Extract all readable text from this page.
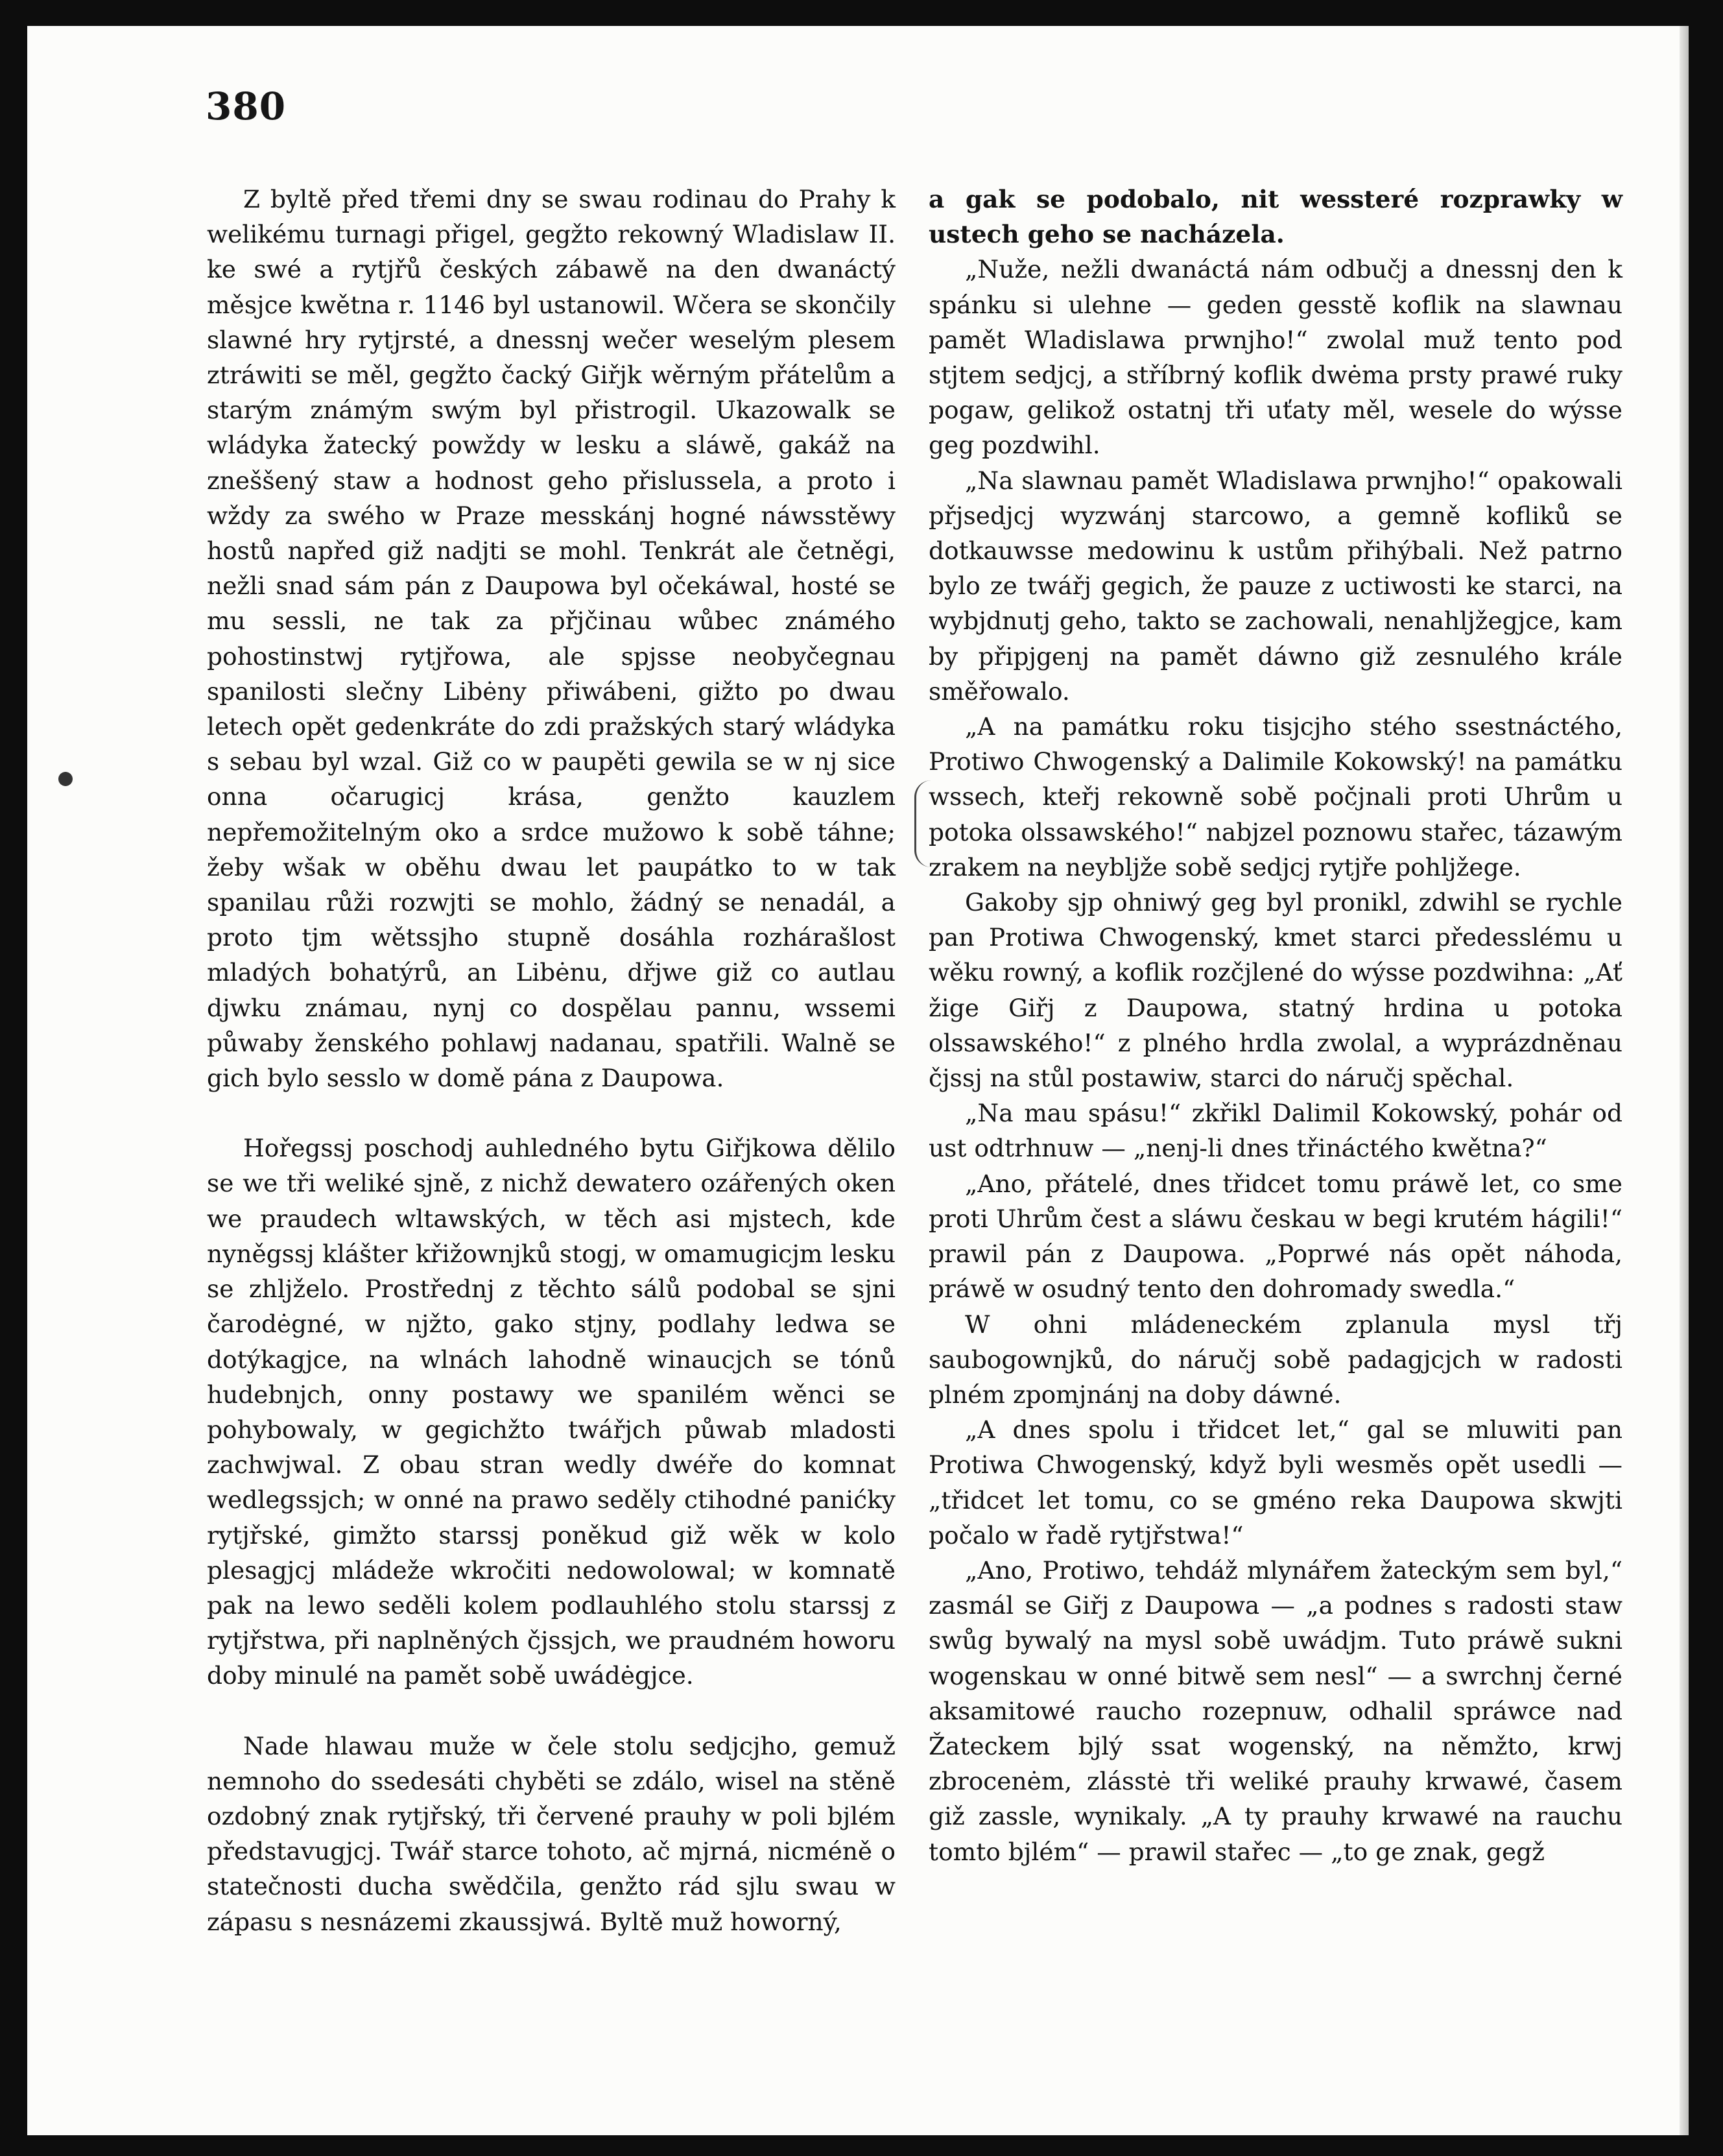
380

Z byltě před třemi dny se swau rodinau do Prahy k welikému turnagi přigel, gegžto rekowný Wladislaw II. ke swé a rytjřů českých zábawě na den dwanáctý měsjce kwětna r. 1146 byl ustanowil. Wčera se skončily slawné hry rytjrsté, a dnessnj wečer weselým plesem ztráwiti se měl, gegžto čacký Giřjk wěrným přátelům a starým známým swým byl přistrogil. Ukazowalk se wládyka žatecký powždy w lesku a sláwě, gakáž na zneššený staw a hodnost geho přislussela, a proto i wždy za swého w Praze messkánj hogné náwsstěwy hostů napřed giž nadjti se mohl. Tenkrát ale četněgi, nežli snad sám pán z Daupowa byl očekáwal, hosté se mu sessli, ne tak za přjčinau wůbec známého pohostinstwj rytjřowa, ale spjsse neobyčegnau spanilosti slečny Libėny přiwábeni, gižto po dwau letech opět gedenkráte do zdi pražských starý wládyka s sebau byl wzal. Giž co w paupěti gewila se w nj sice onna očarugicj krása, genžto kauzlem nepřemožitelným oko a srdce mužowo k sobě táhne; žeby wšak w oběhu dwau let paupátko to w tak spanilau růži rozwjti se mohlo, žádný se nenadál, a proto tjm wětssjho stupně dosáhla rozhárašlost mladých bohatýrů, an Libėnu, dřjwe giž co autlau djwku známau, nynj co dospělau pannu, wssemi půwaby ženského pohlawj nadanau, spatřili. Walně se gich bylo sesslo w domě pána z Daupowa.

Hořegssj poschodj auhledného bytu Giřjkowa dělilo se we tři weliké sjně, z nichž dewatero ozářených oken we praudech wltawských, w těch asi mjstech, kde nyněgssj klášter křižownjků stogj, w omamugicjm lesku se zhljželo. Prostřednj z těchto sálů podobal se sjni čarodėgné, w njžto, gako stjny, podlahy ledwa se dotýkagjce, na wlnách lahodně winaucjch se tónů hudebnjch, onny postawy we spanilém wěnci se pohybowaly, w gegichžto twářjch půwab mladosti zachwjwal. Z obau stran wedly dwéře do komnat wedlegssjch; w onné na prawo seděly ctihodné panićky rytjřské, gimžto starssj poněkud giž wěk w kolo plesagjcj mládeže wkročiti nedowolowal; w komnatě pak na lewo seděli kolem podlauhlého stolu starssj z rytjřstwa, při naplněných čjssjch, we praudném howoru doby minulé na pamět sobě uwádėgjce.

Nade hlawau muže w čele stolu sedjcjho, gemuž nemnoho do ssedesáti chyběti se zdálo, wisel na stěně ozdobný znak rytjřský, tři červené prauhy w poli bjlém představugjcj. Twář starce tohoto, ač mjrná, nicméně o statečnosti ducha swědčila, genžto rád sjlu swau w zápasu s nesnázemi zkaussjwá. Byltě muž howorný,

a gak se podobalo, nit wessteré rozprawky w ustech geho se nacházela.

„Nuže, nežli dwanáctá nám odbučj a dnessnj den k spánku si ulehne — geden gesstě koflik na slawnau pamět Wladislawa prwnjho!“ zwolal muž tento pod stjtem sedjcj, a stříbrný koflik dwėma prsty prawé ruky pogaw, gelikož ostatnj tři uťaty měl, wesele do wýsse geg pozdwihl.

„Na slawnau pamět Wladislawa prwnjho!“ opakowali přjsedjcj wyzwánj starcowo, a gemně kofliků se dotkauwsse medowinu k ustům přihýbali. Než patrno bylo ze twářj gegich, že pauze z uctiwosti ke starci, na wybjdnutj geho, takto se zachowali, nenahljžegjce, kam by připjgenj na pamět dáwno giž zesnulého krále směřowalo.

„A na památku roku tisjcjho stého ssestnáctého, Protiwo Chwogenský a Dalimile Kokowský! na památku wssech, kteřj rekowně sobě počjnali proti Uhrům u potoka olssawského!“ nabjzel poznowu stařec, tázawým zrakem na neybljže sobě sedjcj rytjře pohljžege.

Gakoby sjp ohniwý geg byl pronikl, zdwihl se rychle pan Protiwa Chwogenský, kmet starci předesslému u wěku rowný, a koflik rozčjlené do wýsse pozdwihna: „Ať žige Giřj z Daupowa, statný hrdina u potoka olssawského!“ z plného hrdla zwolal, a wyprázdněnau čjssj na stůl postawiw, starci do náručj spěchal.

„Na mau spásu!“ zkřikl Dalimil Kokowský, pohár od ust odtrhnuw — „nenj-li dnes třináctého kwětna?“

„Ano, přátelé, dnes třidcet tomu práwě let, co sme proti Uhrům čest a sláwu českau w begi krutém hágili!“ prawil pán z Daupowa. „Poprwé nás opět náhoda, práwě w osudný tento den dohromady swedla.“

W ohni mládeneckém zplanula mysl třj saubogownjků, do náručj sobě padagjcjch w radosti plném zpomjnánj na doby dáwné.

„A dnes spolu i třidcet let,“ gal se mluwiti pan Protiwa Chwogenský, když byli wesměs opět usedli — „třidcet let tomu, co se gméno reka Daupowa skwjti počalo w řadě rytjřstwa!“

„Ano, Protiwo, tehdáž mlynářem žateckým sem byl,“ zasmál se Giřj z Daupowa — „a podnes s radosti staw swůg bywalý na mysl sobě uwádjm. Tuto práwě sukni wogenskau w onné bitwě sem nesl“ — a swrchnj černé aksamitowé raucho rozepnuw, odhalil spráwce nad Žateckem bjlý ssat wogenský, na němžto, krwj zbrocenėm, zlásstė tři weliké prauhy krwawé, časem giž zassle, wynikaly. „A ty prauhy krwawé na rauchu tomto bjlém“ — prawil stařec — „to ge znak, gegž
